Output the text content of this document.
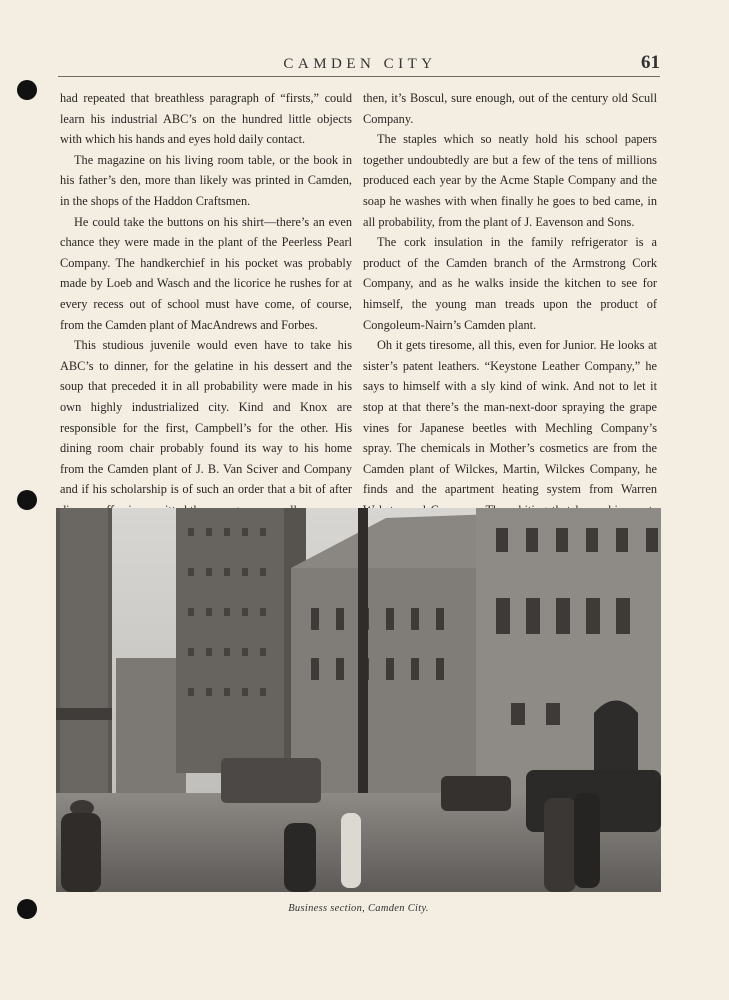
CAMDEN CITY	61

had repeated that breathless paragraph of “firsts,” could learn his industrial ABC’s on the hundred little objects with which his hands and eyes hold daily contact.

The magazine on his living room table, or the book in his father’s den, more than likely was printed in Camden, in the shops of the Haddon Craftsmen.

He could take the buttons on his shirt—there’s an even chance they were made in the plant of the Peerless Pearl Company. The handkerchief in his pocket was probably made by Loeb and Wasch and the licorice he rushes for at every recess out of school must have come, of course, from the Camden plant of MacAndrews and Forbes.

This studious juvenile would even have to take his ABC’s to dinner, for the gelatine in his dessert and the soup that preceded it in all probability were made in his own highly industrialized city. Kind and Knox are responsible for the first, Campbell’s for the other. His dining room chair probably found its way to his home from the Camden plant of J. B. Van Sciver and Company and if his scholarship is of such an order that a bit of after

then, it’s Boscul, sure enough, out of the century old Scull Company.

The staples which so neatly hold his school papers together undoubtedly are but a few of the tens of millions produced each year by the Acme Staple Company and the soap he washes with when finally he goes to bed came, in all probability, from the plant of J. Eavenson and Sons.

The cork insulation in the family refrigerator is a product of the Camden branch of the Armstrong Cork Company, and as he walks inside the kitchen to see for himself, the young man treads upon the product of Congoleum-Nairn’s Camden plant.

Oh it gets tiresome, all this, even for Junior. He looks at sister’s patent leathers. “Keystone Leather Company,” he says to himself with a sly kind of wink. And not to let it stop at that there’s the man-next-door spraying the grape vines for Japanese beetles with Mechling Company’s spray. The chemicals in Mother’s cosmetics are from the Camden plant of Wilckes, Martin, Wilckes Company, he finds and the apartment heating system from Warren

Business section, Camden City.
